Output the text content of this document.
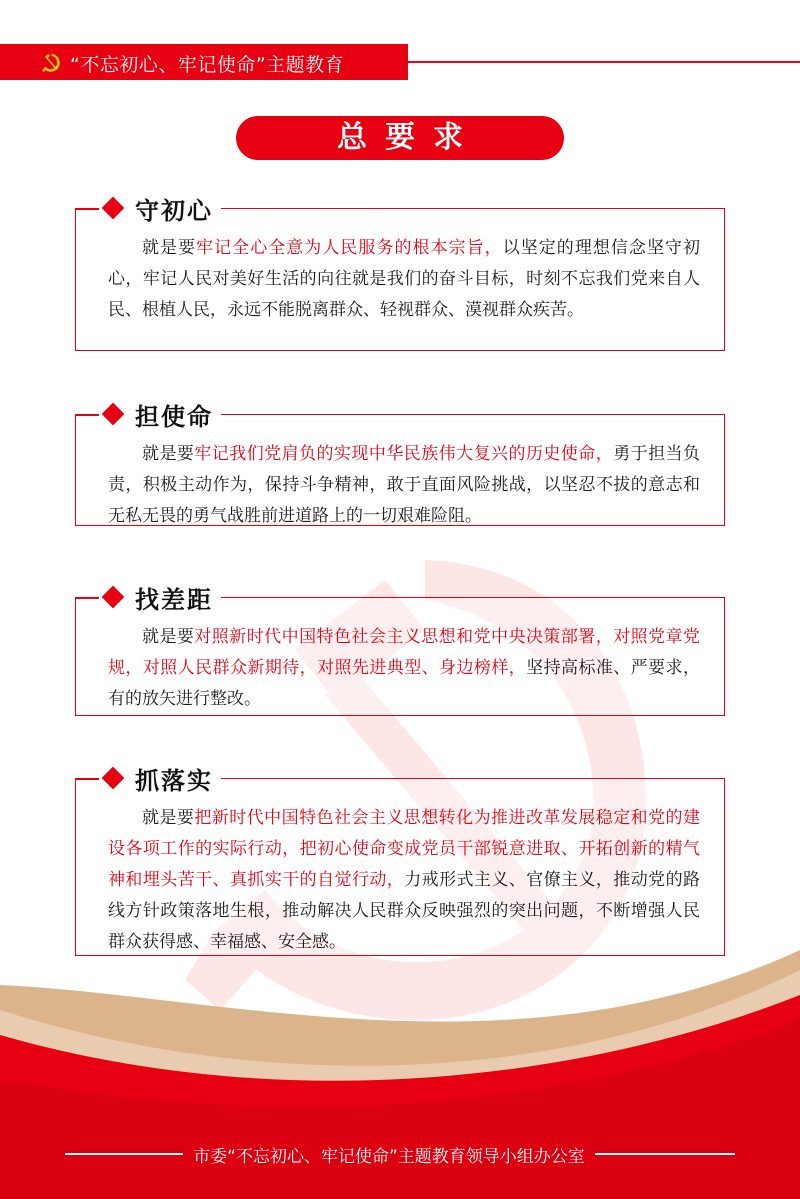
“不忘初心、牢记使命”主题教育
总要求
守初心

就是要牢记全心全意为人民服务的根本宗旨，以坚定的理想信念坚守初心，牢记人民对美好生活的向往就是我们的奋斗目标，时刻不忘我们党来自人民、根植人民，永远不能脱离群众、轻视群众、漠视群众疾苦。

担使命

就是要牢记我们党肩负的实现中华民族伟大复兴的历史使命，勇于担当负责，积极主动作为，保持斗争精神，敢于直面风险挑战，以坚忍不拔的意志和无私无畏的勇气战胜前进道路上的一切艰难险阻。

找差距

就是要对照新时代中国特色社会主义思想和党中央决策部署，对照党章党规，对照人民群众新期待，对照先进典型、身边榜样，坚持高标准、严要求，有的放矢进行整改。

抓落实

就是要把新时代中国特色社会主义思想转化为推进改革发展稳定和党的建设各项工作的实际行动，把初心使命变成党员干部锐意进取、开拓创新的精气神和埋头苦干、真抓实干的自觉行动，力戒形式主义、官僚主义，推动党的路线方针政策落地生根，推动解决人民群众反映强烈的突出问题，不断增强人民群众获得感、幸福感、安全感。

市委“不忘初心、牢记使命”主题教育领导小组办公室
